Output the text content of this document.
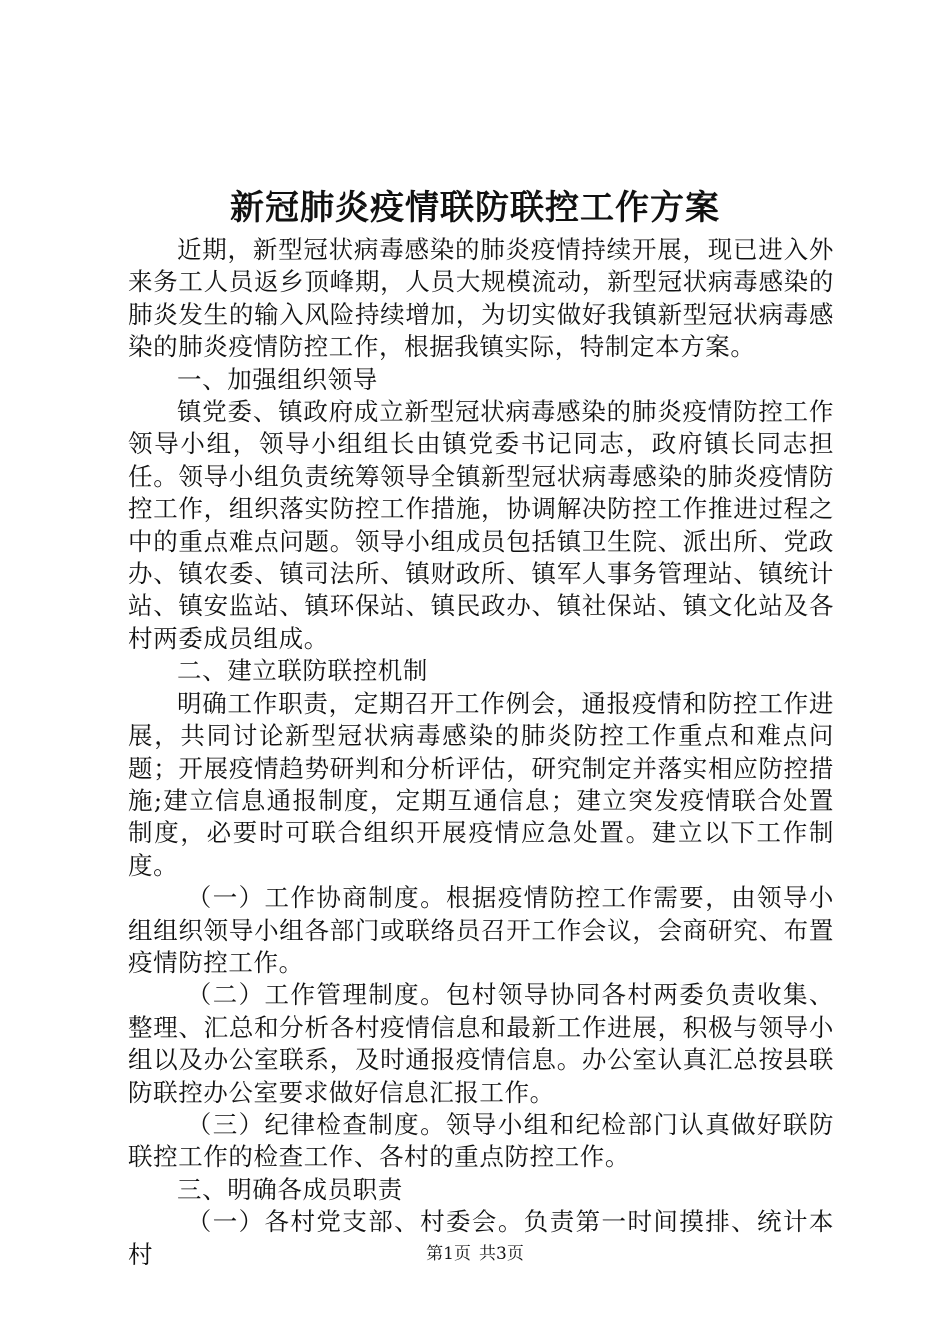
新冠肺炎疫情联防联控工作方案

近期，新型冠状病毒感染的肺炎疫情持续开展，现已进入外来务工人员返乡顶峰期，人员大规模流动，新型冠状病毒感染的肺炎发生的输入风险持续增加，为切实做好我镇新型冠状病毒感染的肺炎疫情防控工作，根据我镇实际，特制定本方案。

一、加强组织领导

镇党委、镇政府成立新型冠状病毒感染的肺炎疫情防控工作领导小组，领导小组组长由镇党委书记同志，政府镇长同志担任。领导小组负责统筹领导全镇新型冠状病毒感染的肺炎疫情防控工作，组织落实防控工作措施，协调解决防控工作推进过程之中的重点难点问题。领导小组成员包括镇卫生院、派出所、党政办、镇农委、镇司法所、镇财政所、镇军人事务管理站、镇统计站、镇安监站、镇环保站、镇民政办、镇社保站、镇文化站及各村两委成员组成。

二、建立联防联控机制

明确工作职责，定期召开工作例会，通报疫情和防控工作进展，共同讨论新型冠状病毒感染的肺炎防控工作重点和难点问题；开展疫情趋势研判和分析评估，研究制定并落实相应防控措施;建立信息通报制度，定期互通信息；建立突发疫情联合处置制度，必要时可联合组织开展疫情应急处置。建立以下工作制度。

（一）工作协商制度。根据疫情防控工作需要，由领导小组组织领导小组各部门或联络员召开工作会议，会商研究、布置疫情防控工作。

（二）工作管理制度。包村领导协同各村两委负责收集、整理、汇总和分析各村疫情信息和最新工作进展，积极与领导小组以及办公室联系，及时通报疫情信息。办公室认真汇总按县联防联控办公室要求做好信息汇报工作。

（三）纪律检查制度。领导小组和纪检部门认真做好联防联控工作的检查工作、各村的重点防控工作。

三、明确各成员职责

（一）各村党支部、村委会。负责第一时间摸排、统计本村	第1页 共3页
